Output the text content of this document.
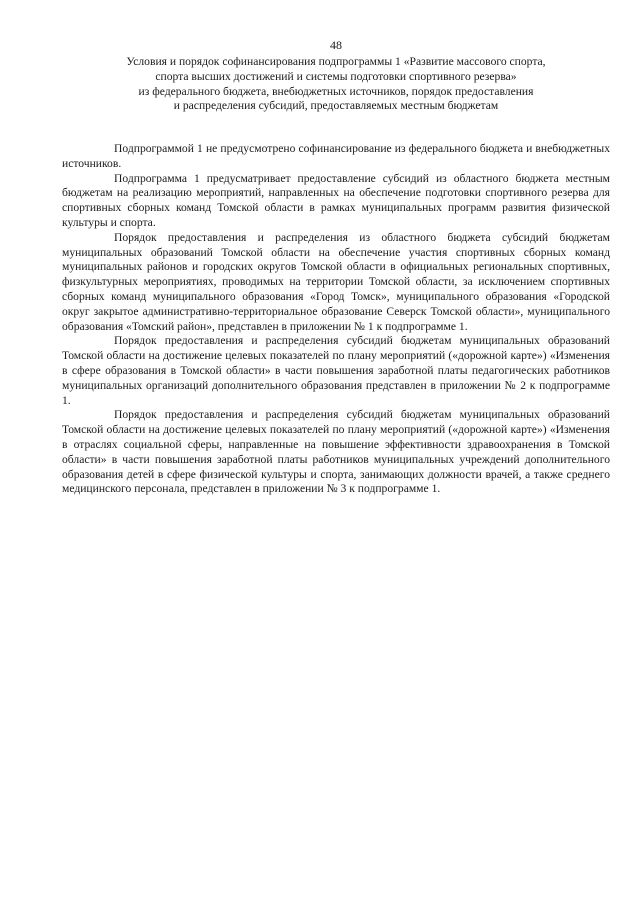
48
Условия и порядок софинансирования подпрограммы 1 «Развитие массового спорта,
спорта высших достижений и системы подготовки спортивного резерва»
из федерального бюджета, внебюджетных источников, порядок предоставления
и распределения субсидий, предоставляемых местным бюджетам

Подпрограммой 1 не предусмотрено софинансирование из федерального бюджета и внебюджетных источников.

Подпрограмма 1 предусматривает предоставление субсидий из областного бюджета местным бюджетам на реализацию мероприятий, направленных на обеспечение подготовки спортивного резерва для спортивных сборных команд Томской области в рамках муниципальных программ развития физической культуры и спорта.

Порядок предоставления и распределения из областного бюджета субсидий бюджетам муниципальных образований Томской области на обеспечение участия спортивных сборных команд муниципальных районов и городских округов Томской области в официальных региональных спортивных, физкультурных мероприятиях, проводимых на территории Томской области, за исключением спортивных сборных команд муниципального образования «Город Томск», муниципального образования «Городской округ закрытое административно-территориальное образование Северск Томской области», муниципального образования «Томский район», представлен в приложении № 1 к подпрограмме 1.

Порядок предоставления и распределения субсидий бюджетам муниципальных образований Томской области на достижение целевых показателей по плану мероприятий («дорожной карте») «Изменения в сфере образования в Томской области» в части повышения заработной платы педагогических работников муниципальных организаций дополнительного образования представлен в приложении № 2 к подпрограмме 1.

Порядок предоставления и распределения субсидий бюджетам муниципальных образований Томской области на достижение целевых показателей по плану мероприятий («дорожной карте») «Изменения в отраслях социальной сферы, направленные на повышение эффективности здравоохранения в Томской области» в части повышения заработной платы работников муниципальных учреждений дополнительного образования детей в сфере физической культуры и спорта, занимающих должности врачей, а также среднего медицинского персонала, представлен в приложении № 3 к подпрограмме 1.
